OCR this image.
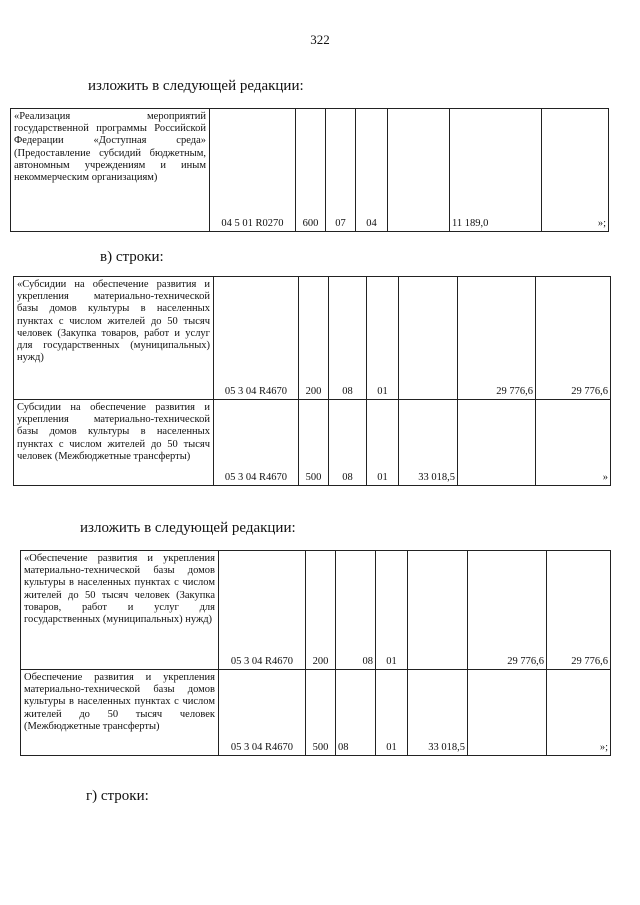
322
изложить в следующей редакции:
«Реализация мероприятий государственной программы Российской Федерации «Доступная среда» (Предоставление субсидий бюджетным, автономным учреждениям и иным некоммерческим организациям)	04 5 01 R0270	600	07	04		11 189,0	»;
в) строки:
«Субсидии на обеспечение развития и укрепления материально-технической базы домов культуры в населенных пунктах с числом жителей до 50 тысяч человек (Закупка товаров, работ и услуг для государственных (муниципальных) нужд)	05 3 04 R4670	200	08	01		29 776,6	29 776,6
Субсидии на обеспечение развития и укрепления материально-технической базы домов культуры в населенных пунктах с числом жителей до 50 тысяч человек (Межбюджетные трансферты)	05 3 04 R4670	500	08	01	33 018,5		»
изложить в следующей редакции:
«Обеспечение развития и укрепления материально-технической базы домов культуры в населенных пунктах с числом жителей до 50 тысяч человек (Закупка товаров, работ и услуг для государственных (муниципальных) нужд)	05 3 04 R4670	200	08	01		29 776,6	29 776,6
Обеспечение развития и укрепления материально-технической базы домов культуры в населенных пунктах с числом жителей до 50 тысяч человек (Межбюджетные трансферты)	05 3 04 R4670	500	08	01	33 018,5		»;
г) строки:
